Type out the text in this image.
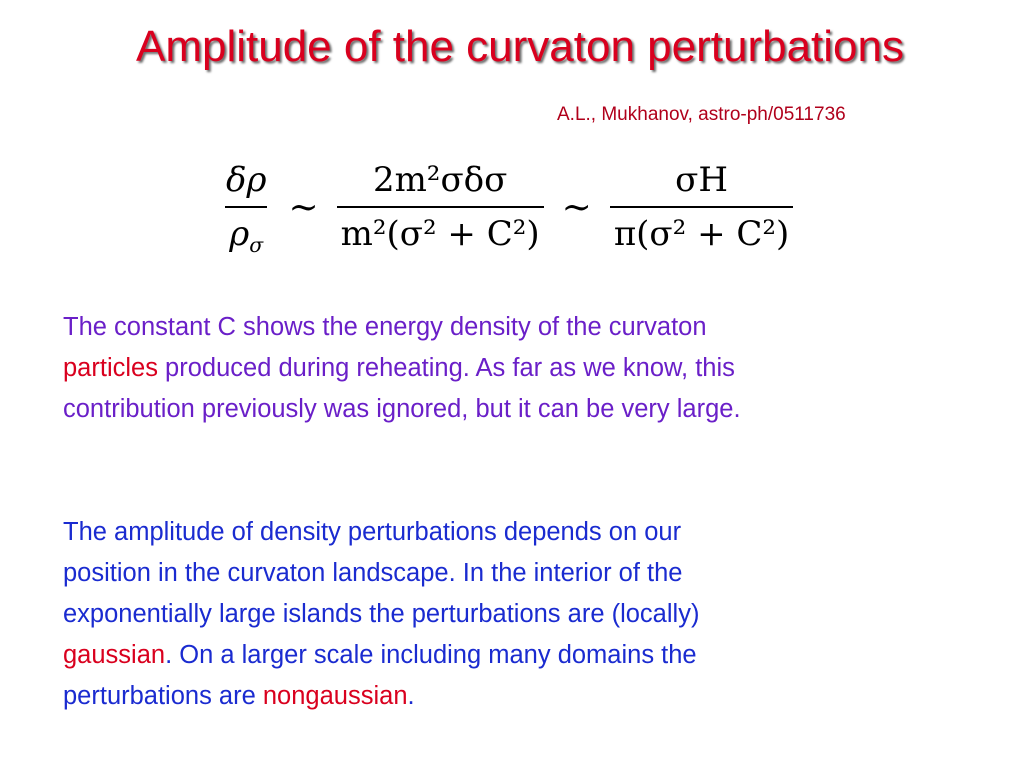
Amplitude of the curvaton perturbations
A.L., Mukhanov, astro-ph/0511736
$\frac{\delta\rho}{\rho_\sigma}$ ∼ $\frac{\text{2m²σδσ}}{\text{m²(σ² + C²)}}$ ∼ $\frac{\sigma H}{\text{π(σ² + C²)}}$
The constant C shows the energy density of the curvaton
particles produced during reheating. As far as we know, this
contribution previously was ignored, but it can be very large.
The amplitude of density perturbations depends on our
position in the curvaton landscape. In the interior of the
exponentially large islands the perturbations are (locally)
gaussian. On a larger scale including many domains the
perturbations are nongaussian.
